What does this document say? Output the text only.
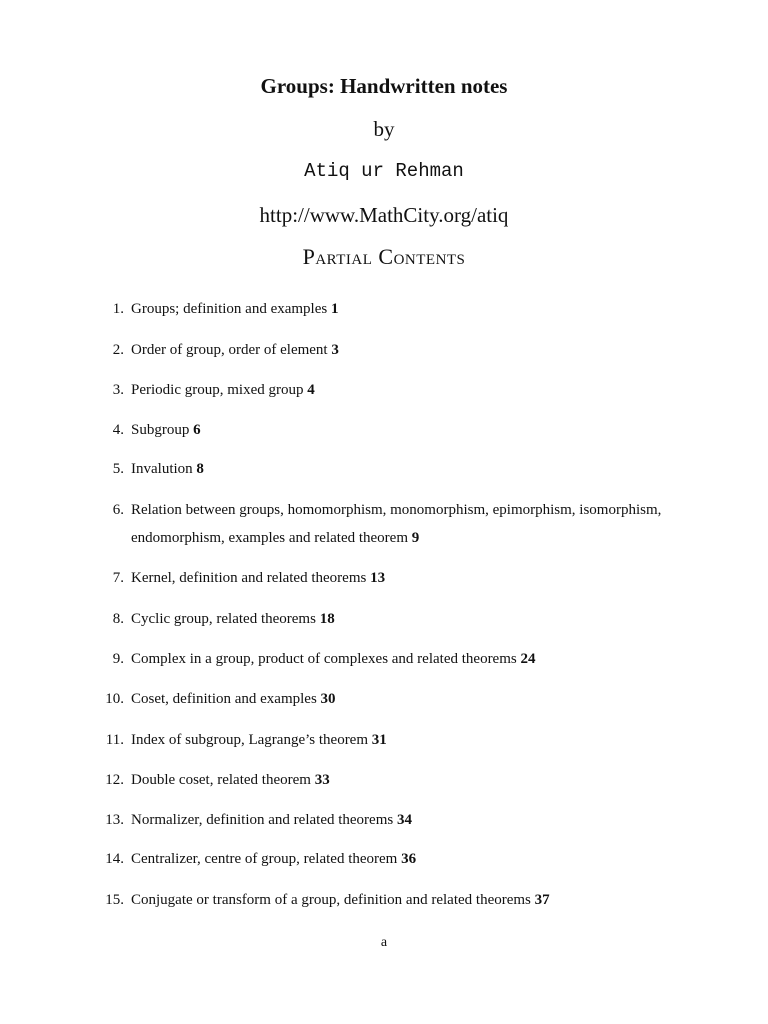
Groups: Handwritten notes
by
Atiq ur Rehman
http://www.MathCity.org/atiq
Partial Contents
1. Groups; definition and examples 1
2. Order of group, order of element 3
3. Periodic group, mixed group 4
4. Subgroup 6
5. Invalution 8
6. Relation between groups, homomorphism, monomorphism, epimorphism, isomorphism,
endomorphism, examples and related theorem 9
7. Kernel, definition and related theorems 13
8. Cyclic group, related theorems 18
9. Complex in a group, product of complexes and related theorems 24
10. Coset, definition and examples 30
11. Index of subgroup, Lagrange’s theorem 31
12. Double coset, related theorem 33
13. Normalizer, definition and related theorems 34
14. Centralizer, centre of group, related theorem 36
15. Conjugate or transform of a group, definition and related theorems 37
a
